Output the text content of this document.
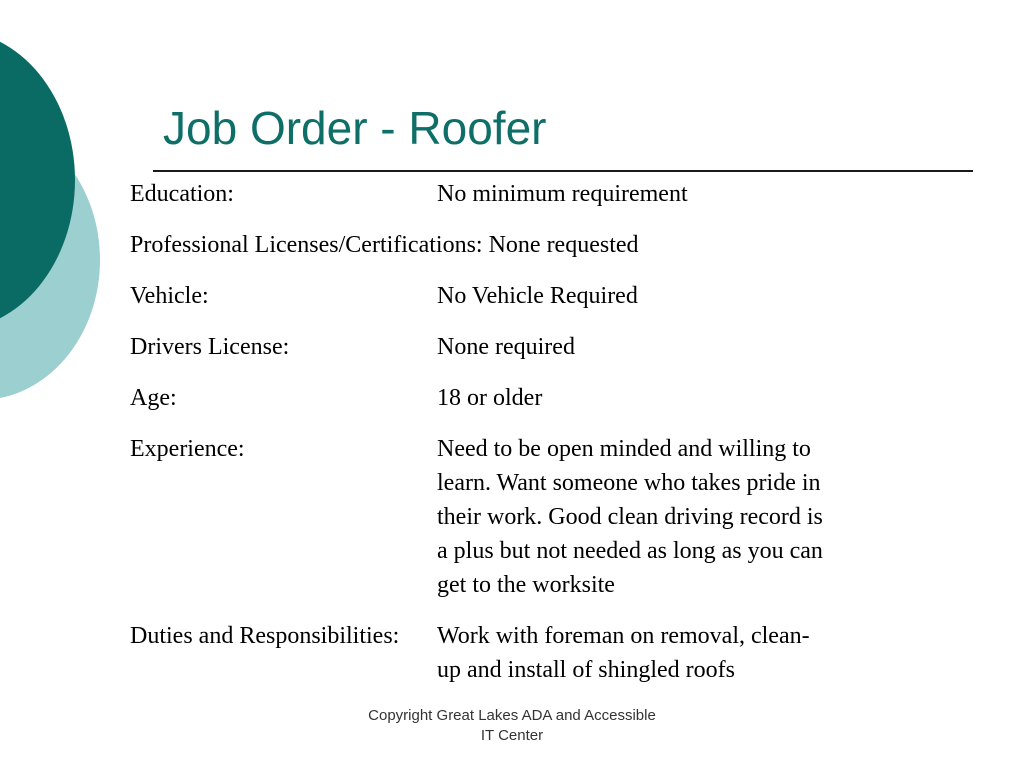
Job Order - Roofer
Education:	No minimum requirement
Professional Licenses/Certifications: None requested
Vehicle:	No Vehicle Required
Drivers License:	None required
Age:	18 or older
Experience:	Need to be open minded and willing to learn. Want someone who takes pride in their work. Good clean driving record is a plus but not needed as long as you can get to the worksite
Duties and Responsibilities:	Work with foreman on removal, clean-up and install of shingled roofs
Copyright Great Lakes ADA and Accessible IT Center
